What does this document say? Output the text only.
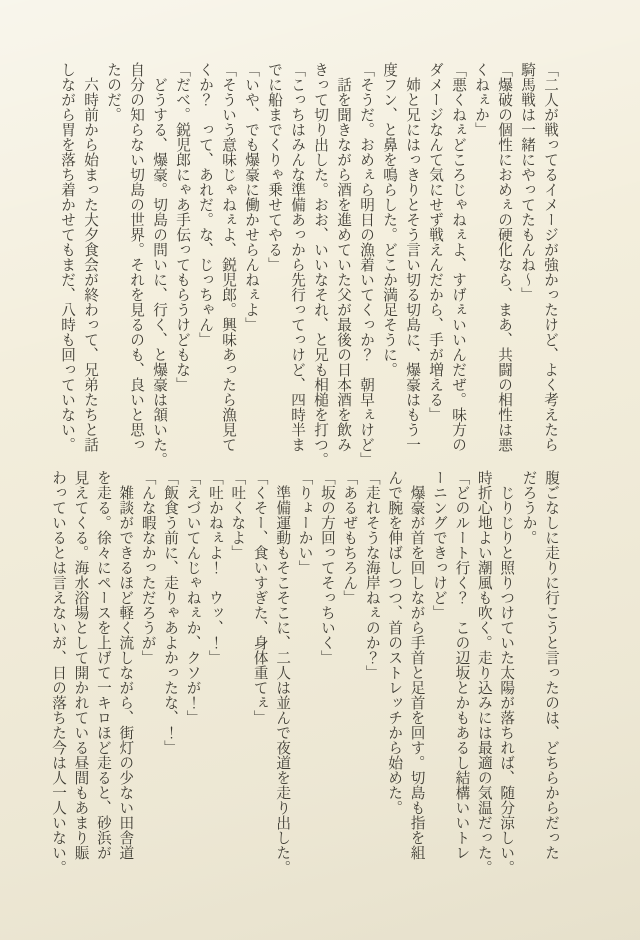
「二人が戦ってるイメージが強かったけど、よく考えたら

騎馬戦は一緒にやってたもんね〜」

「爆破の個性におめぇの硬化なら、まあ、共闘の相性は悪

くねぇか」

「悪くねぇどころじゃねぇよ、すげぇいいんだぜ。味方の

ダメージなんて気にせず戦えんだから、手が増える」

　姉と兄にはっきりとそう言い切る切島に、爆豪はもう一

度フン、と鼻を鳴らした。どこか満足そうに。

「そうだ。おめぇら明日の漁着いてくっか？　朝早ぇけど」

　話を聞きながら酒を進めていた父が最後の日本酒を飲み

きって切り出した。おお、いいなそれ、と兄も相槌を打つ。

「こっちはみんな準備あっから先行ってっけど、四時半ま

でに船までくりゃ乗せてやる」

「いや、でも爆豪に働かせらんねぇよ」

「そういう意味じゃねぇよ、鋭児郎。興味あったら漁見て

くか？　って、あれだ。な、じっちゃん」

「だべ。鋭児郎にゃあ手伝ってもらうけどもな」

　どうする、爆豪。切島の問いに、行く、と爆豪は頷いた。

自分の知らない切島の世界。それを見るのも、良いと思っ

たのだ。

　六時前から始まった大夕食会が終わって、兄弟たちと話

しながら胃を落ち着かせてもまだ、八時も回っていない。

腹ごなしに走りに行こうと言ったのは、どちらからだった

だろうか。

　じりじりと照りつけていた太陽が落ちれば、随分涼しい。

時折心地よい潮風も吹く。走り込みには最適の気温だった。

「どのルート行く？　この辺坂とかもあるし結構いいトレ

ーニングできっけど」

　爆豪が首を回しながら手首と足首を回す。切島も指を組

んで腕を伸ばしつつ、首のストレッチから始めた。

「走れそうな海岸ねぇのか？」

「あるぜもちろん」

「坂の方回ってそっちいく」

「りょーかい」

　準備運動もそこそこに、二人は並んで夜道を走り出した。

「くそー、食いすぎた、身体重てぇ」

「吐くなよ」

「吐かねぇよ！　ウッ、！」

「えづいてんじゃねぇか、クソが！」

「飯食う前に、走りゃあよかったな、！」

「んな暇なかっただろうが」

　雑談ができるほど軽く流しながら、街灯の少ない田舎道

を走る。徐々にペースを上げて一キロほど走ると、砂浜が

見えてくる。海水浴場として開かれている昼間もあまり賑

わっているとは言えないが、日の落ちた今は人一人いない。
